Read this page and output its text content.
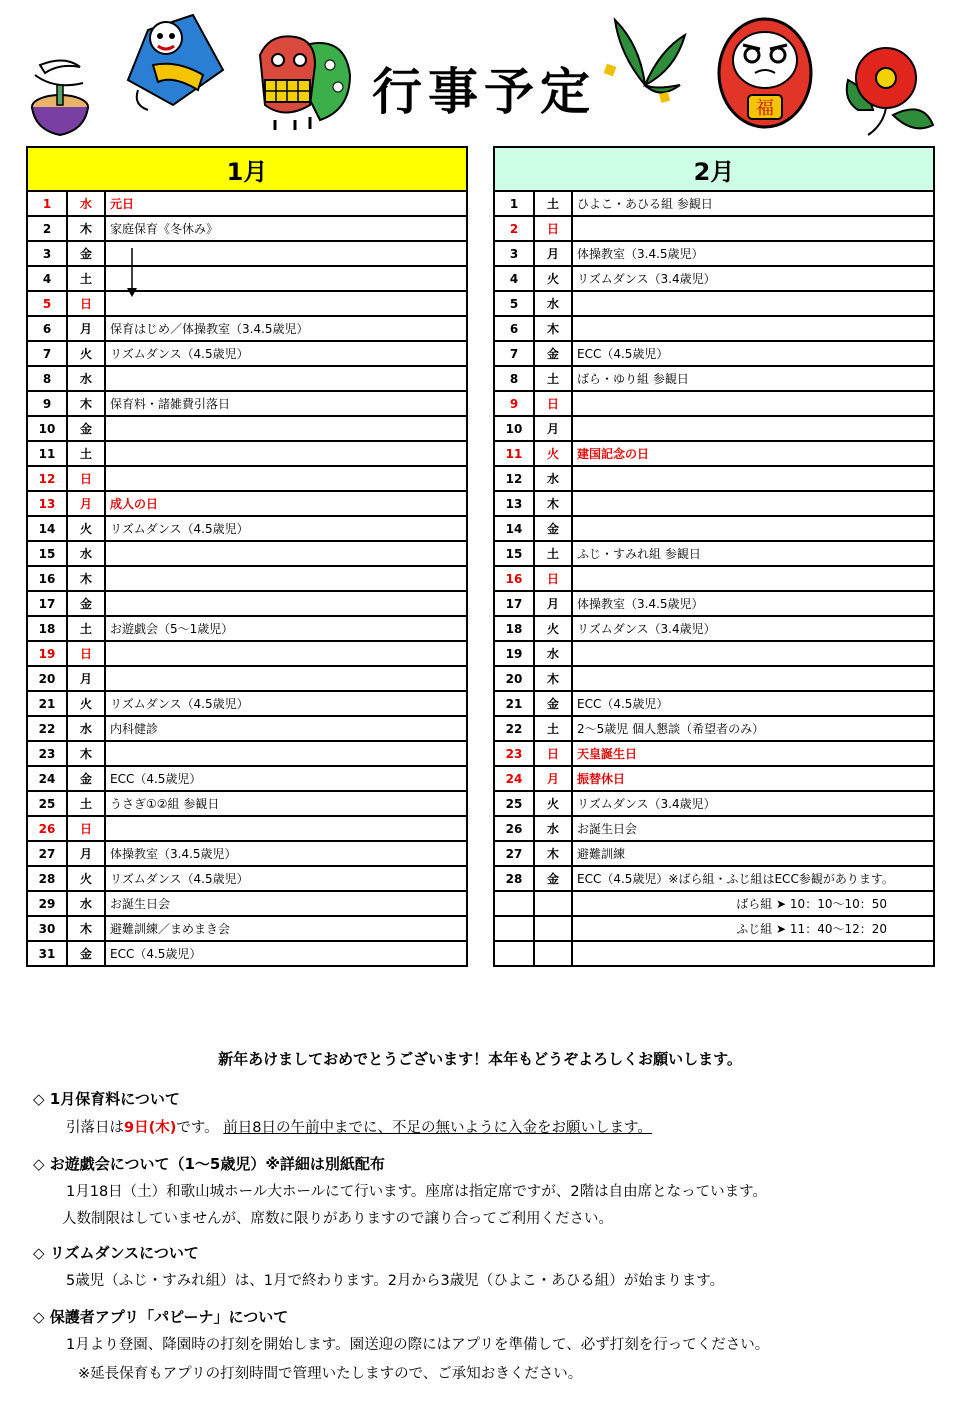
行事予定	福
1月		
1	水	元日
2	木	家庭保育《冬休み》
3	金	
4	土	
5	日	
6	月	保育はじめ／体操教室（3.4.5歳児）
7	火	リズムダンス（4.5歳児）
8	水	
9	木	保育料・諸雑費引落日
10	金	
11	土	
12	日	
13	月	成人の日
14	火	リズムダンス（4.5歳児）
15	水	
16	木	
17	金	
18	土	お遊戯会（5～1歳児）
19	日	
20	月	
21	火	リズムダンス（4.5歳児）
22	水	内科健診
23	木	
24	金	ECC（4.5歳児）
25	土	うさぎ①②組 参観日
26	日	
27	月	体操教室（3.4.5歳児）
28	火	リズムダンス（4.5歳児）
29	水	お誕生日会
30	木	避難訓練／まめまき会
31	金	ECC（4.5歳児）
2月		
1	土	ひよこ・あひる組 参観日
2	日	
3	月	体操教室（3.4.5歳児）
4	火	リズムダンス（3.4歳児）
5	水	
6	木	
7	金	ECC（4.5歳児）
8	土	ばら・ゆり組 参観日
9	日	
10	月	
11	火	建国記念の日
12	水	
13	木	
14	金	
15	土	ふじ・すみれ組 参観日
16	日	
17	月	体操教室（3.4.5歳児）
18	火	リズムダンス（3.4歳児）
19	水	
20	木	
21	金	ECC（4.5歳児）
22	土	2～5歳児 個人懇談（希望者のみ）
23	日	天皇誕生日
24	月	振替休日
25	火	リズムダンス（3.4歳児）
26	水	お誕生日会
27	木	避難訓練
28	金	ECC（4.5歳児）※ばら組・ふじ組はECC参観があります。
		ばら組 ➤ 10：10～10：50
		ふじ組 ➤ 11：40～12：20

新年あけましておめでとうございます！本年もどうぞよろしくお願いします。
◇ 1月保育料について
引落日は9日(木)です。 前日8日の午前中までに、不足の無いように入金をお願いします。
◇ お遊戯会について（1～5歳児）※詳細は別紙配布
1月18日（土）和歌山城ホール大ホールにて行います。座席は指定席ですが、2階は自由席となっています。
人数制限はしていませんが、席数に限りがありますので譲り合ってご利用ください。
◇ リズムダンスについて
5歳児（ふじ・すみれ組）は、1月で終わります。2月から3歳児（ひよこ・あひる組）が始まります。
◇ 保護者アプリ「パピーナ」について
1月より登園、降園時の打刻を開始します。園送迎の際にはアプリを準備して、必ず打刻を行ってください。
※延長保育もアプリの打刻時間で管理いたしますので、ご承知おきください。
